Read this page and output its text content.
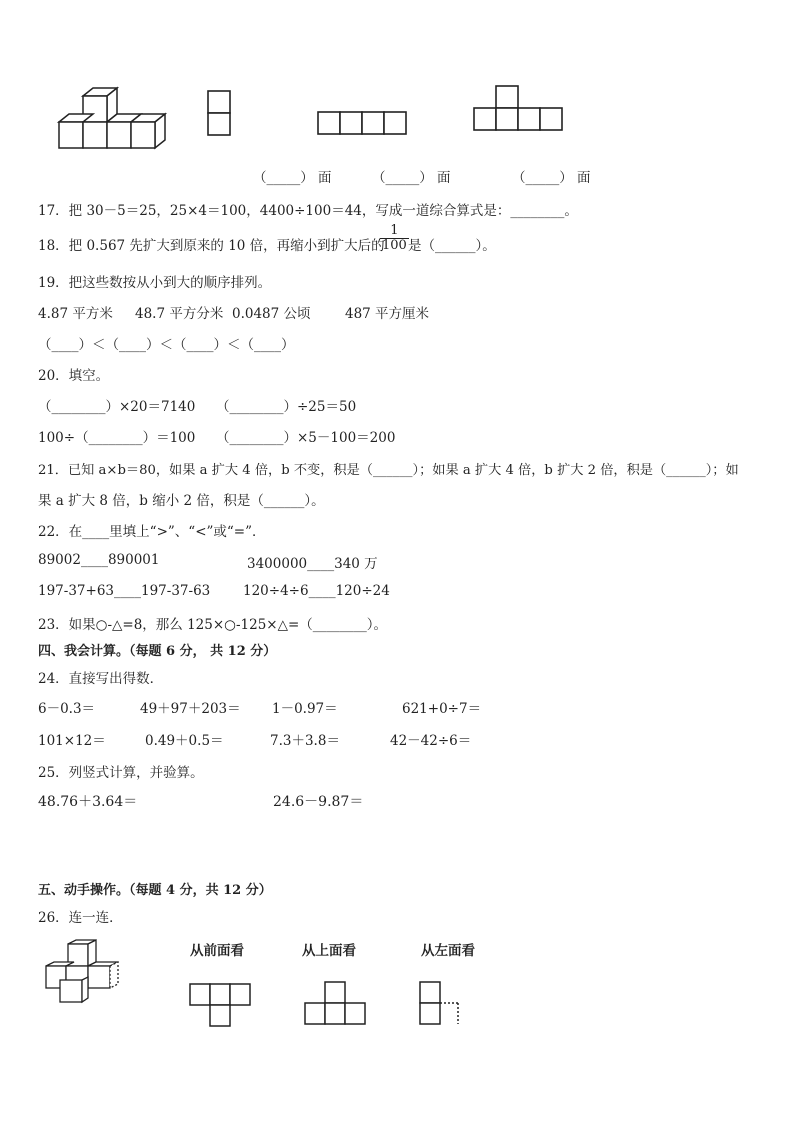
（_____） 面	（_____） 面	（_____） 面
17．把 30－5＝25，25×4＝100，4400÷100＝44，写成一道综合算式是：________。
18．把 0.567 先扩大到原来的 10 倍，再缩小到扩大后的
$\frac{1}{100}$ 是（______）。
19．把这些数按从小到大的顺序排列。
4.87 平方米 48.7 平方分米 0.0487 公顷	487 平方厘米
（____）＜（____）＜（____）＜（____）
20．填空。
（________）×20＝7140 （________）÷25＝50
100÷（________）＝100 （________）×5－100＝200
21．已知 a×b＝80，如果 a 扩大 4 倍，b 不变，积是（______）；如果 a 扩大 4 倍，b 扩大 2 倍，积是（______）；如
果 a 扩大 8 倍，b 缩小 2 倍，积是（______）。
22．在____里填上“>”、“<”或“=”．
89002____890001	3400000____340 万
197-37+63____197-37-63 120÷4÷6____120÷24
23．如果○-△=8，那么 125×○-125×△=（________）。
四、我会计算。（每题 6 分， 共 12 分）
24．直接写出得数．
6－0.3＝	49＋97＋203＝ 1－0.97＝	621+0÷7＝
101×12＝	0.49＋0.5＝	7.3＋3.8＝	42－42÷6＝
25．列竖式计算，并验算。
48.76＋3.64＝	24.6－9.87＝
五、动手操作。（每题 4 分，共 12 分）
26．连一连．
从前面看	从上面看	从左面看
